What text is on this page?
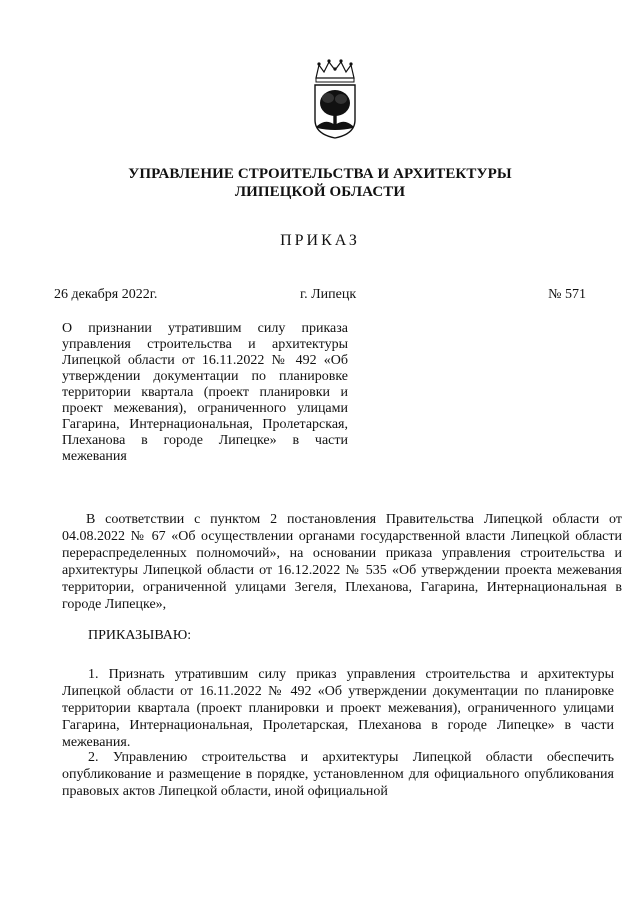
УПРАВЛЕНИЕ СТРОИТЕЛЬСТВА И АРХИТЕКТУРЫ
ЛИПЕЦКОЙ ОБЛАСТИ
ПРИКАЗ
26 декабря 2022г.	г. Липецк	№ 571
О признании утратившим силу приказа управления строительства и архитектуры Липецкой области от 16.11.2022 № 492 «Об утверждении документации по планировке территории квартала (проект планировки и проект межевания), ограниченного улицами Гагарина, Интернациональная, Пролетарская, Плеханова в городе Липецке» в части межевания
В соответствии с пунктом 2 постановления Правительства Липецкой области от 04.08.2022 № 67 «Об осуществлении органами государственной власти Липецкой области перераспределенных полномочий», на основании приказа управления строительства и архитектуры Липецкой области от 16.12.2022 № 535 «Об утверждении проекта межевания территории, ограниченной улицами Зегеля, Плеханова, Гагарина, Интернациональная в городе Липецке»,
ПРИКАЗЫВАЮ:
1. Признать утратившим силу приказ управления строительства и архитектуры Липецкой области от 16.11.2022 № 492 «Об утверждении документации по планировке территории квартала (проект планировки и проект межевания), ограниченного улицами Гагарина, Интернациональная, Пролетарская, Плеханова в городе Липецке» в части межевания.
2. Управлению строительства и архитектуры Липецкой области обеспечить опубликование и размещение в порядке, установленном для официального опубликования правовых актов Липецкой области, иной официальной
